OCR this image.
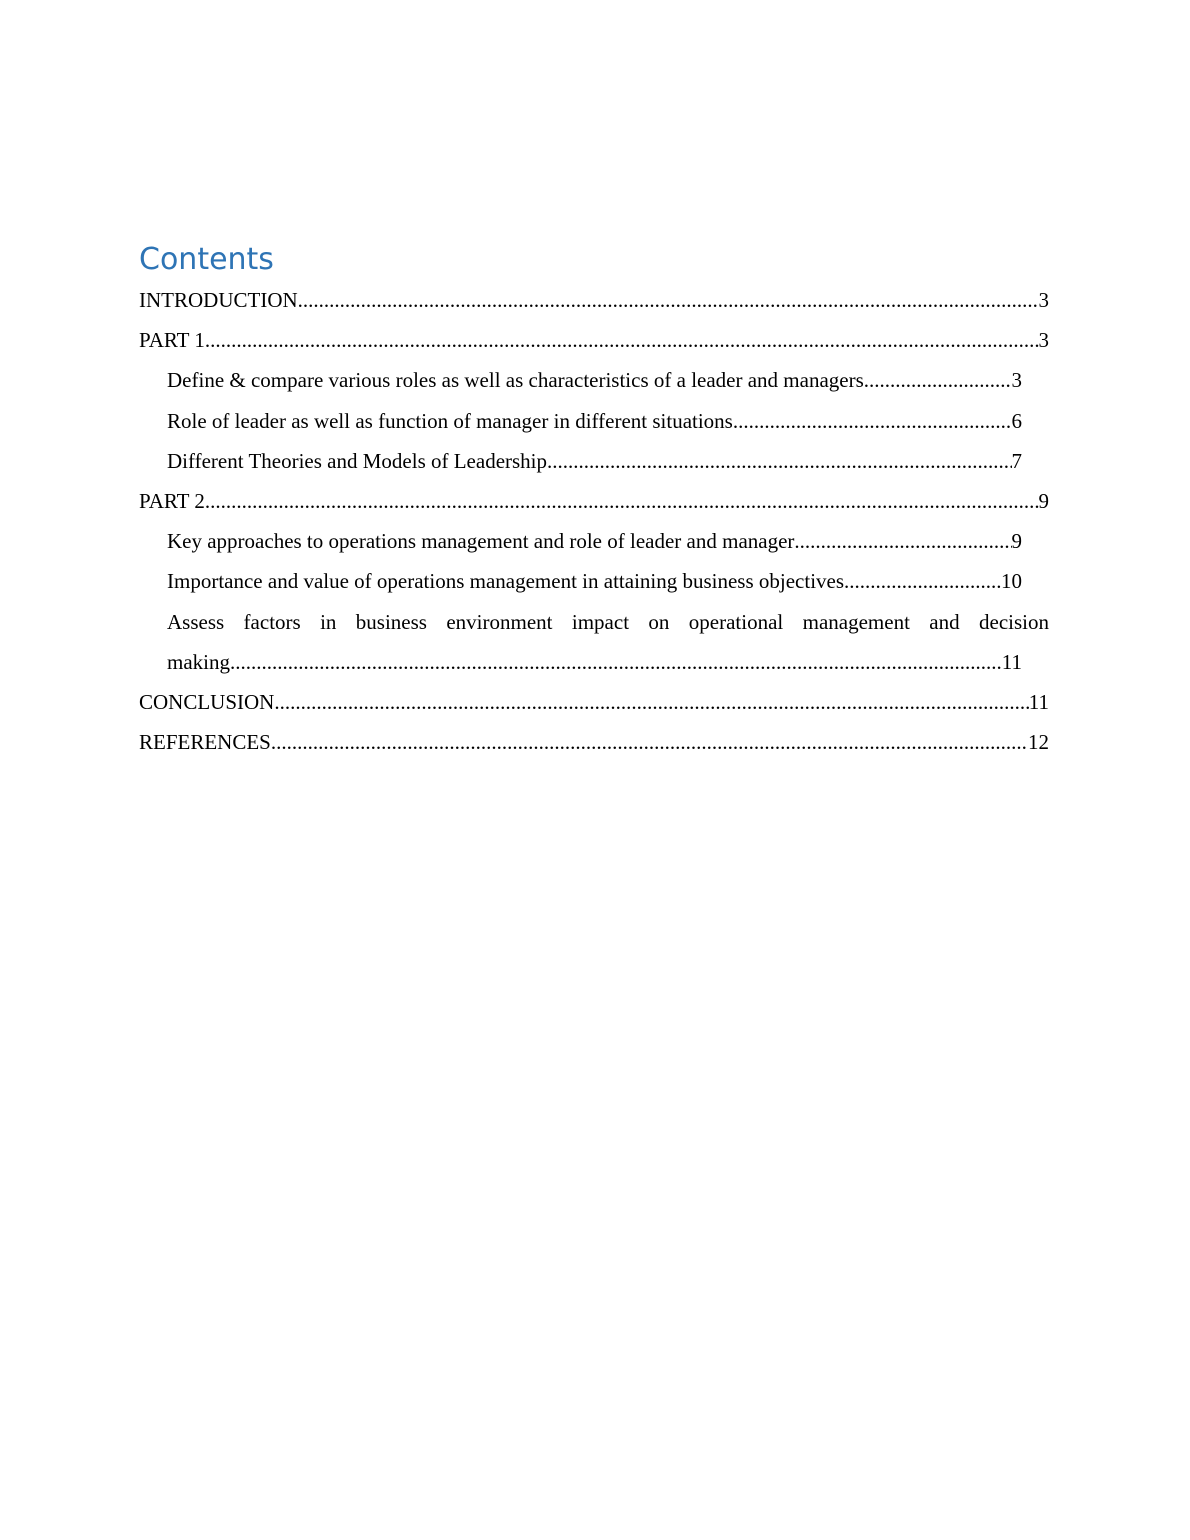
Contents
INTRODUCTION .....	3
PART 1 .....	3
Define & compare various roles as well as characteristics of a leader and managers .....	3
Role of leader as well as function of manager in different situations .....	6
Different Theories and Models of Leadership .....	7
PART 2 .....	9
Key approaches to operations management and role of leader and manager .....	9
Importance and value of operations management in attaining business objectives .....	10
Assess factors in business environment impact on operational management and decision
making .....	11
CONCLUSION .....	11
REFERENCES .....	12
